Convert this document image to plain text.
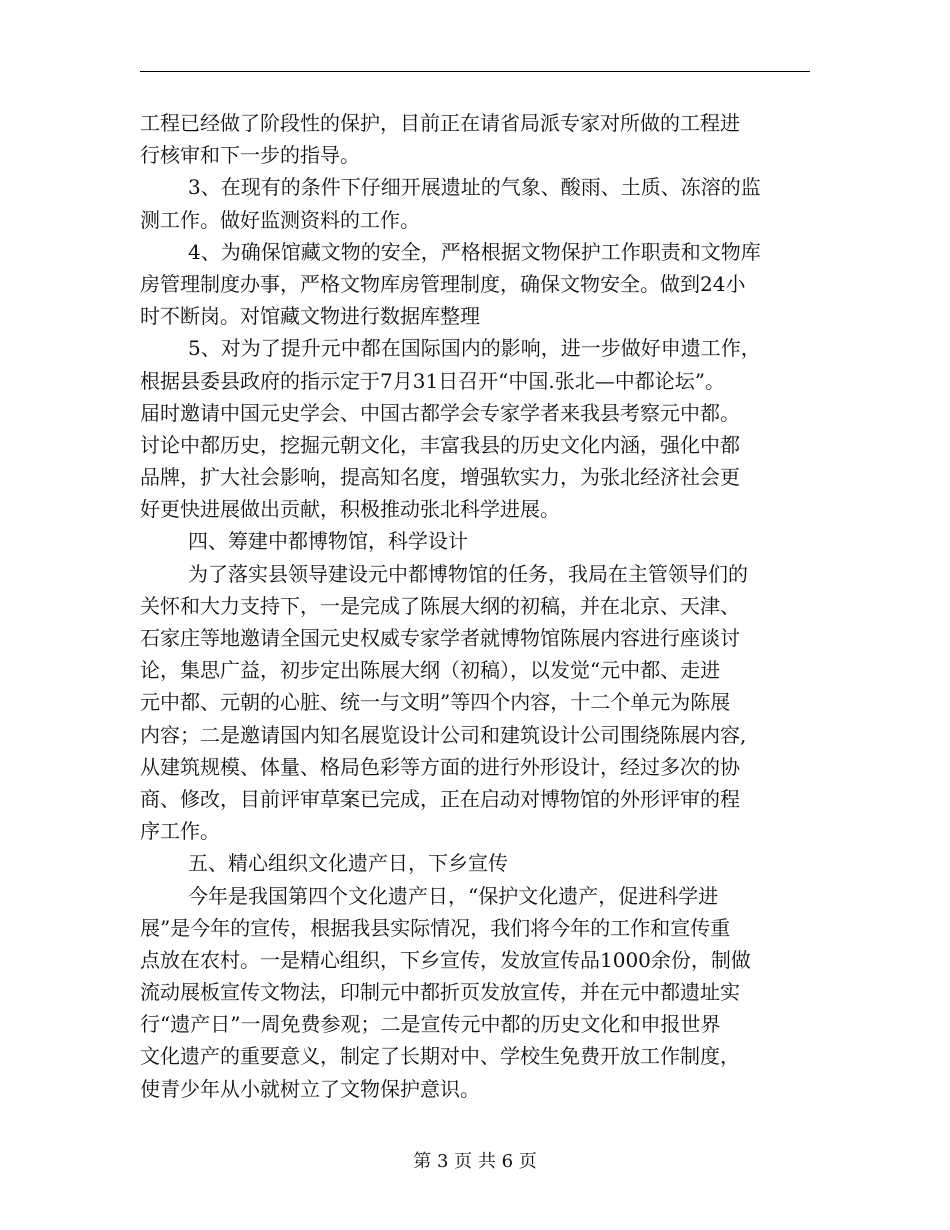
工程已经做了阶段性的保护，目前正在请省局派专家对所做的工程进
行核审和下一步的指导。
3、在现有的条件下仔细开展遗址的气象、酸雨、土质、冻溶的监
测工作。做好监测资料的工作。
4、为确保馆藏文物的安全，严格根据文物保护工作职责和文物库
房管理制度办事，严格文物库房管理制度，确保文物安全。做到24小
时不断岗。对馆藏文物进行数据库整理
5、对为了提升元中都在国际国内的影响，进一步做好申遗工作，
根据县委县政府的指示定于7月31日召开“中国.张北—中都论坛”。
届时邀请中国元史学会、中国古都学会专家学者来我县考察元中都。
讨论中都历史，挖掘元朝文化，丰富我县的历史文化内涵，强化中都
品牌，扩大社会影响，提高知名度，增强软实力，为张北经济社会更
好更快进展做出贡献，积极推动张北科学进展。
四、筹建中都博物馆，科学设计
为了落实县领导建设元中都博物馆的任务，我局在主管领导们的
关怀和大力支持下，一是完成了陈展大纲的初稿，并在北京、天津、
石家庄等地邀请全国元史权威专家学者就博物馆陈展内容进行座谈讨
论，集思广益，初步定出陈展大纲（初稿），以发觉“元中都、走进
元中都、元朝的心脏、统一与文明”等四个内容，十二个单元为陈展
内容；二是邀请国内知名展览设计公司和建筑设计公司围绕陈展内容,
从建筑规模、体量、格局色彩等方面的进行外形设计，经过多次的协
商、修改，目前评审草案已完成，正在启动对博物馆的外形评审的程
序工作。
五、精心组织文化遗产日，下乡宣传
今年是我国第四个文化遗产日，“保护文化遗产，促进科学进
展”是今年的宣传，根据我县实际情况，我们将今年的工作和宣传重
点放在农村。一是精心组织，下乡宣传，发放宣传品1000余份，制做
流动展板宣传文物法，印制元中都折页发放宣传，并在元中都遗址实
行“遗产日”一周免费参观；二是宣传元中都的历史文化和申报世界
文化遗产的重要意义，制定了长期对中、学校生免费开放工作制度，
使青少年从小就树立了文物保护意识。
第 3 页 共 6 页
